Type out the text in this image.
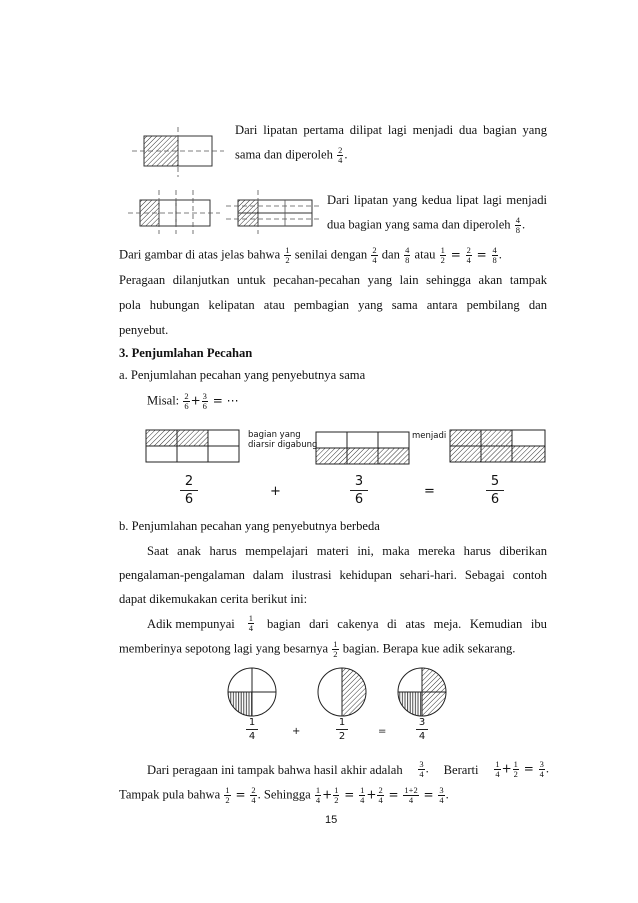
Dari lipatan pertama dilipat lagi menjadi dua bagian yang
sama dan diperoleh $\frac{2}{4}$ .
Dari lipatan yang kedua lipat lagi menjadi
dua bagian yang sama dan diperoleh $\frac{4}{8}$ .
Dari gambar di atas jelas bahwa $\frac{1}{2}$ senilai dengan $\frac{2}{4}$ dan $\frac{4}{8}$ atau $\frac{1}{2} = \frac{2}{4} = \frac{4}{8}$ .
Peragaan dilanjutkan untuk pecahan-pecahan yang lain sehingga akan tampak
pola hubungan kelipatan atau pembagian yang sama antara pembilang dan
penyebut.
3. Penjumlahan Pecahan
a. Penjumlahan pecahan yang penyebutnya sama
Misal: $\frac{2}{6} + \frac{3}{6}$ = ⋯
bagian yang
diarsir digabung
menjadi
$\frac{2}{6}$	+	$\frac{3}{6}$	=	$\frac{5}{6}$
b. Penjumlahan pecahan yang penyebutnya berbeda
Saat anak harus mempelajari materi ini, maka mereka harus diberikan
pengalaman-pengalaman dalam ilustrasi kehidupan sehari-hari. Sebagai contoh
dapat dikemukakan cerita berikut ini:
Adik mempunyai $\frac{1}{4}$ bagian dari cakenya di atas meja. Kemudian ibu
memberinya sepotong lagi yang besarnya $\frac{1}{2}$ bagian. Berapa kue adik sekarang.
$\frac{1}{4}$	+	$\frac{1}{2}$	=	$\frac{3}{4}$
Dari peragaan ini tampak bahwa hasil akhir adalah $\frac{3}{4}$ . Berarti $\frac{1}{4} + \frac{1}{2} = \frac{3}{4}$ .
Tampak pula bahwa $\frac{1}{2} = \frac{2}{4}$ . Sehingga $\frac{1}{4} + \frac{1}{2} = \frac{1}{4} + \frac{2}{4} = \frac{1+2}{4} = \frac{3}{4}$ .
15
